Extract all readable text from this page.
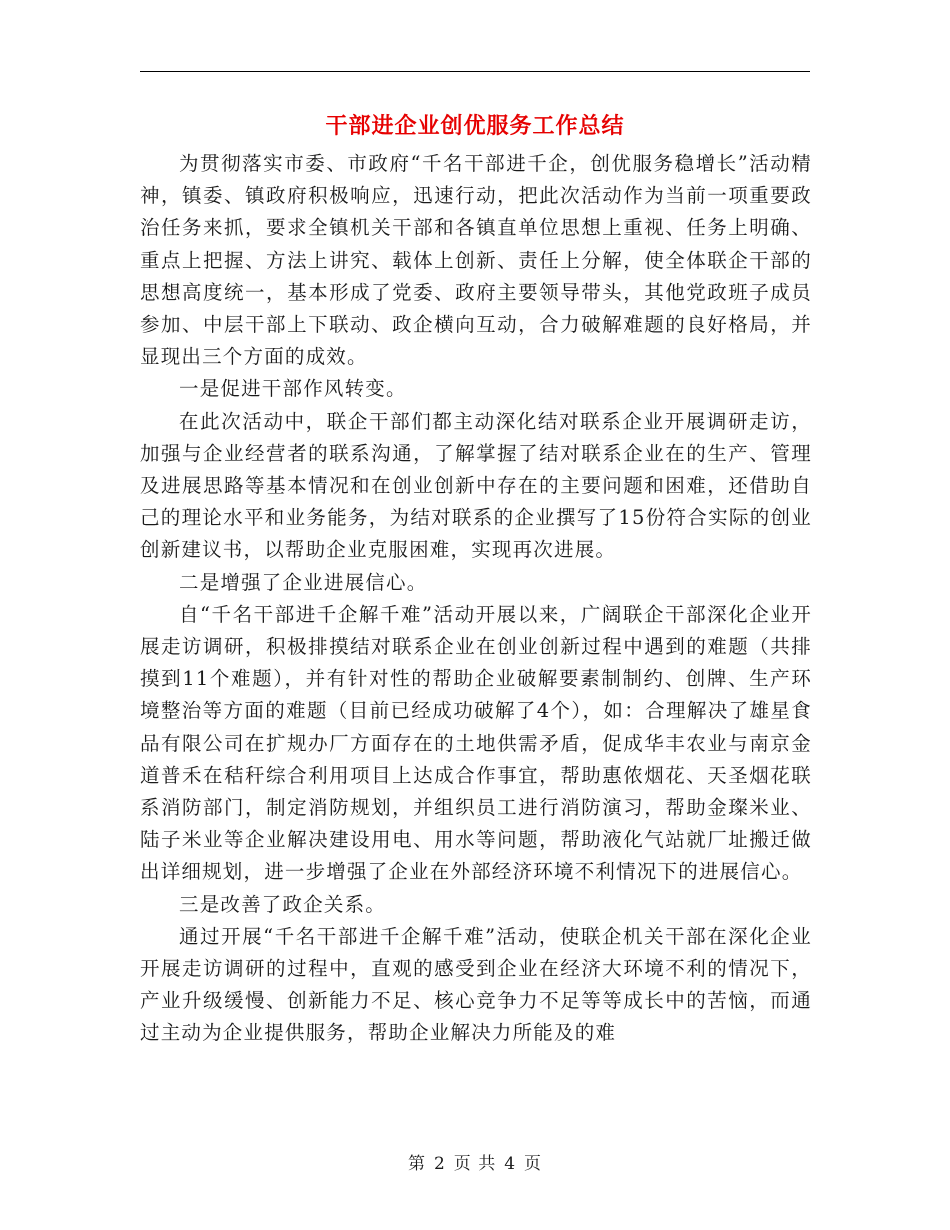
干部进企业创优服务工作总结

为贯彻落实市委、市政府“千名干部进千企，创优服务稳增长”活动精神，镇委、镇政府积极响应，迅速行动，把此次活动作为当前一项重要政治任务来抓，要求全镇机关干部和各镇直单位思想上重视、任务上明确、重点上把握、方法上讲究、载体上创新、责任上分解，使全体联企干部的思想高度统一，基本形成了党委、政府主要领导带头，其他党政班子成员参加、中层干部上下联动、政企横向互动，合力破解难题的良好格局，并显现出三个方面的成效。

一是促进干部作风转变。

在此次活动中，联企干部们都主动深化结对联系企业开展调研走访，加强与企业经营者的联系沟通，了解掌握了结对联系企业在的生产、管理及进展思路等基本情况和在创业创新中存在的主要问题和困难，还借助自己的理论水平和业务能务，为结对联系的企业撰写了15份符合实际的创业创新建议书，以帮助企业克服困难，实现再次进展。

二是增强了企业进展信心。

自“千名干部进千企解千难”活动开展以来，广阔联企干部深化企业开展走访调研，积极排摸结对联系企业在创业创新过程中遇到的难题（共排摸到11个难题），并有针对性的帮助企业破解要素制制约、创牌、生产环境整治等方面的难题（目前已经成功破解了4个），如：合理解决了雄星食品有限公司在扩规办厂方面存在的土地供需矛盾，促成华丰农业与南京金道普禾在秸秆综合利用项目上达成合作事宜，帮助惠侬烟花、天圣烟花联系消防部门，制定消防规划，并组织员工进行消防演习，帮助金璨米业、陆子米业等企业解决建设用电、用水等问题，帮助液化气站就厂址搬迁做出详细规划，进一步增强了企业在外部经济环境不利情况下的进展信心。

三是改善了政企关系。

通过开展“千名干部进千企解千难”活动，使联企机关干部在深化企业开展走访调研的过程中，直观的感受到企业在经济大环境不利的情况下，产业升级缓慢、创新能力不足、核心竞争力不足等等成长中的苦恼，而通过主动为企业提供服务，帮助企业解决力所能及的难

第 2 页 共 4 页
